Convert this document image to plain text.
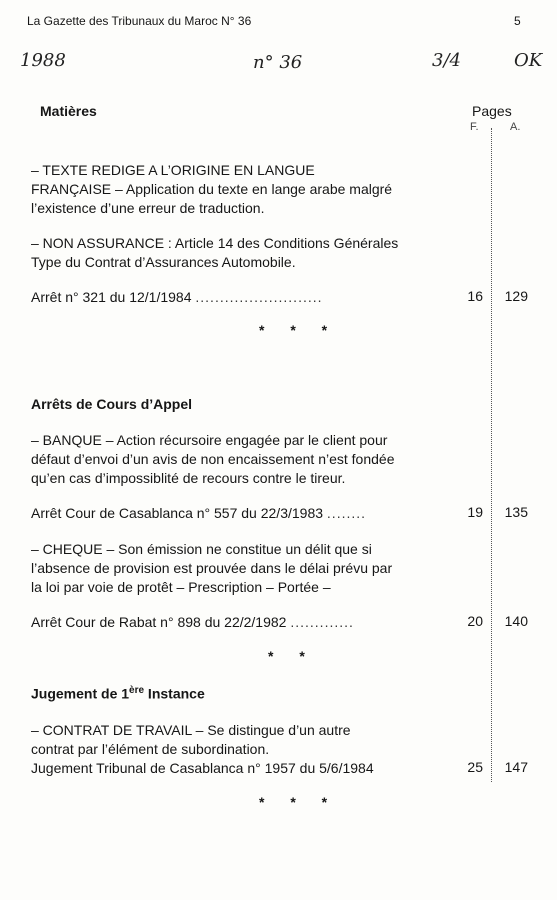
La Gazette des Tribunaux du Maroc N° 36	5
1988	n° 36	3/4	OK
Matières	Pages
F.	A.
– TEXTE REDIGE A L’ORIGINE EN LANGUE
FRANÇAISE – Application du texte en lange arabe malgré
l’existence d’une erreur de traduction.
– NON ASSURANCE : Article 14 des Conditions Générales
Type du Contrat d’Assurances Automobile.
Arrêt n° 321 du 12/1/1984 ..........................	16	129
* * *
Arrêts de Cours d’Appel
– BANQUE – Action récursoire engagée par le client pour
défaut d’envoi d’un avis de non encaissement n’est fondée
qu’en cas d’impossiblité de recours contre le tireur.
Arrêt Cour de Casablanca n° 557 du 22/3/1983 ........	19	135
– CHEQUE – Son émission ne constitue un délit que si
l’absence de provision est prouvée dans le délai prévu par
la loi par voie de protêt – Prescription – Portée –
Arrêt Cour de Rabat n° 898 du 22/2/1982 .............	20	140
* *
Jugement de 1ère Instance
– CONTRAT DE TRAVAIL – Se distingue d’un autre
contrat par l’élément de subordination.
Jugement Tribunal de Casablanca n° 1957 du 5/6/1984	25	147
* * *
